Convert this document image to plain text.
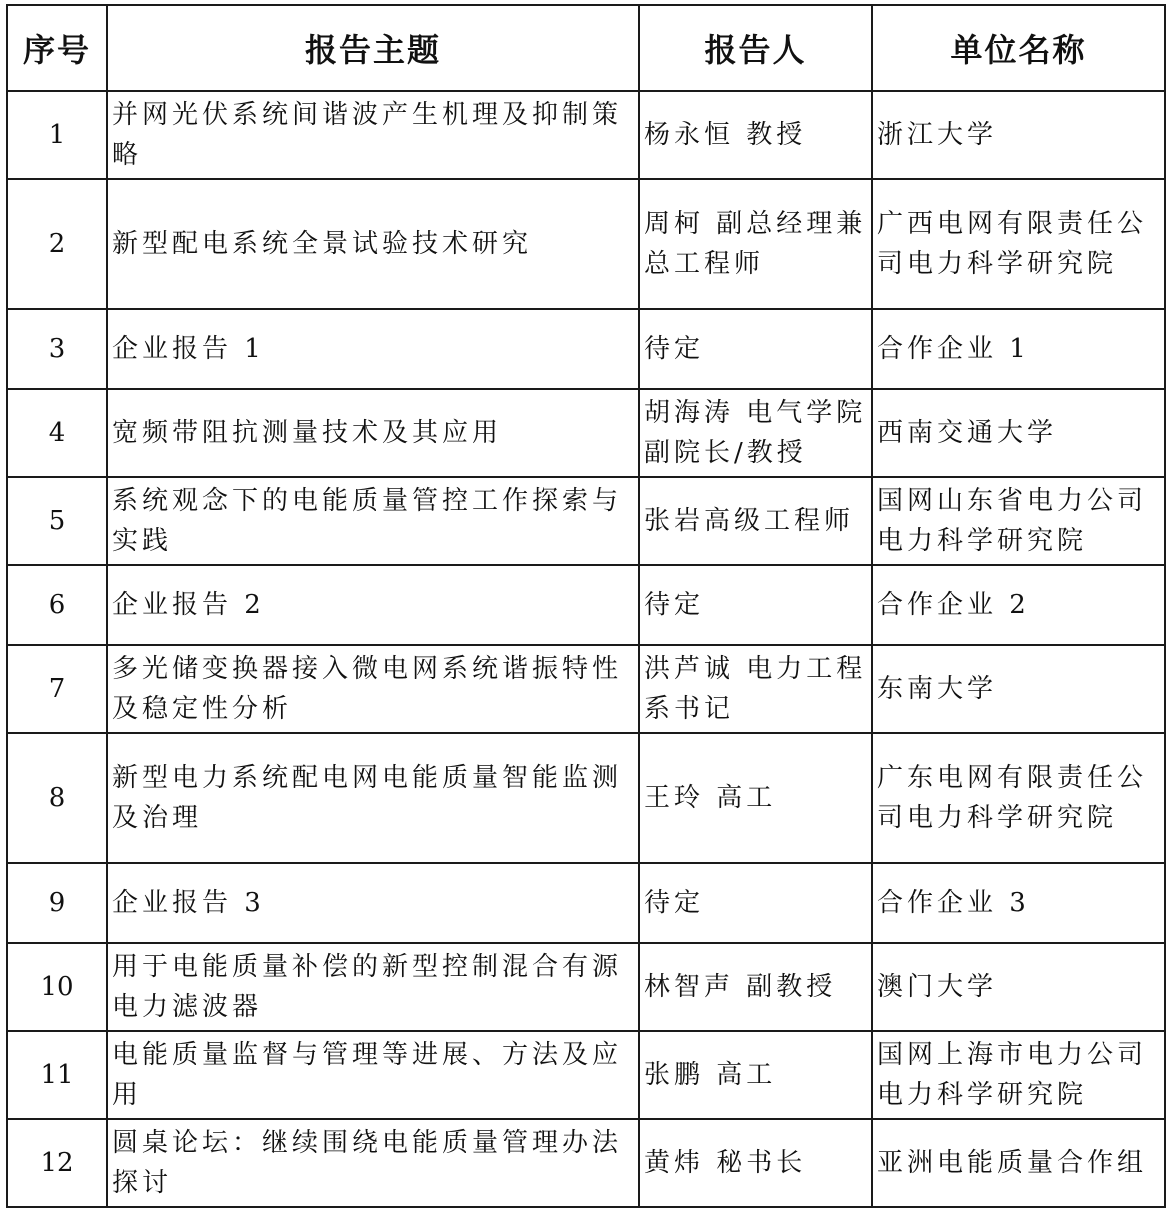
序号	报告主题	报告人	单位名称
1	并网光伏系统间谐波产生机理及抑制策略	杨永恒 教授	浙江大学
2	新型配电系统全景试验技术研究	周柯 副总经理兼总工程师	广西电网有限责任公司电力科学研究院
3	企业报告 1	待定	合作企业 1
4	宽频带阻抗测量技术及其应用	胡海涛 电气学院副院长/教授	西南交通大学
5	系统观念下的电能质量管控工作探索与实践	张岩高级工程师	国网山东省电力公司电力科学研究院
6	企业报告 2	待定	合作企业 2
7	多光储变换器接入微电网系统谐振特性及稳定性分析	洪芦诚 电力工程系书记	东南大学
8	新型电力系统配电网电能质量智能监测及治理	王玲 高工	广东电网有限责任公司电力科学研究院
9	企业报告 3	待定	合作企业 3
10	用于电能质量补偿的新型控制混合有源电力滤波器	林智声 副教授	澳门大学
11	电能质量监督与管理等进展、方法及应用	张鹏 高工	国网上海市电力公司电力科学研究院
12	圆桌论坛：继续围绕电能质量管理办法探讨	黄炜 秘书长	亚洲电能质量合作组
